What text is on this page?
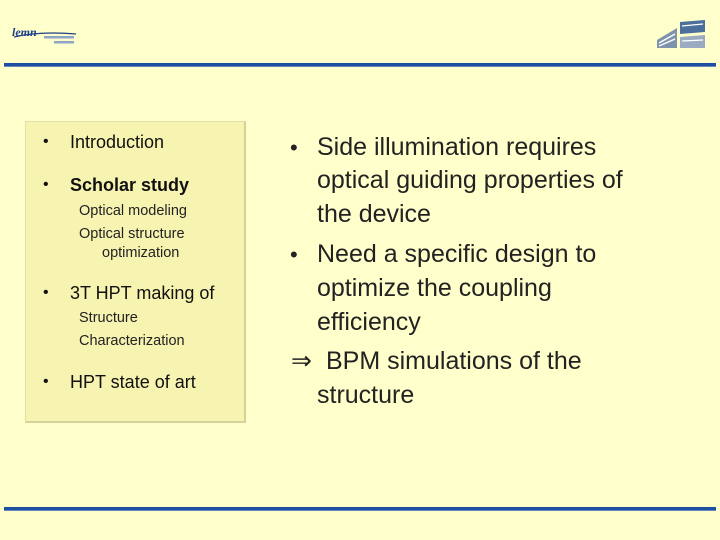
lemn
• Introduction
• Scholar study
Optical modeling
Optical structure
optimization
• 3T HPT making of
Structure
Characterization
• HPT state of art
• Side illumination requires
optical guiding properties of
the device
• Need a specific design to
optimize the coupling
efficiency
⇒ BPM simulations of the
structure
